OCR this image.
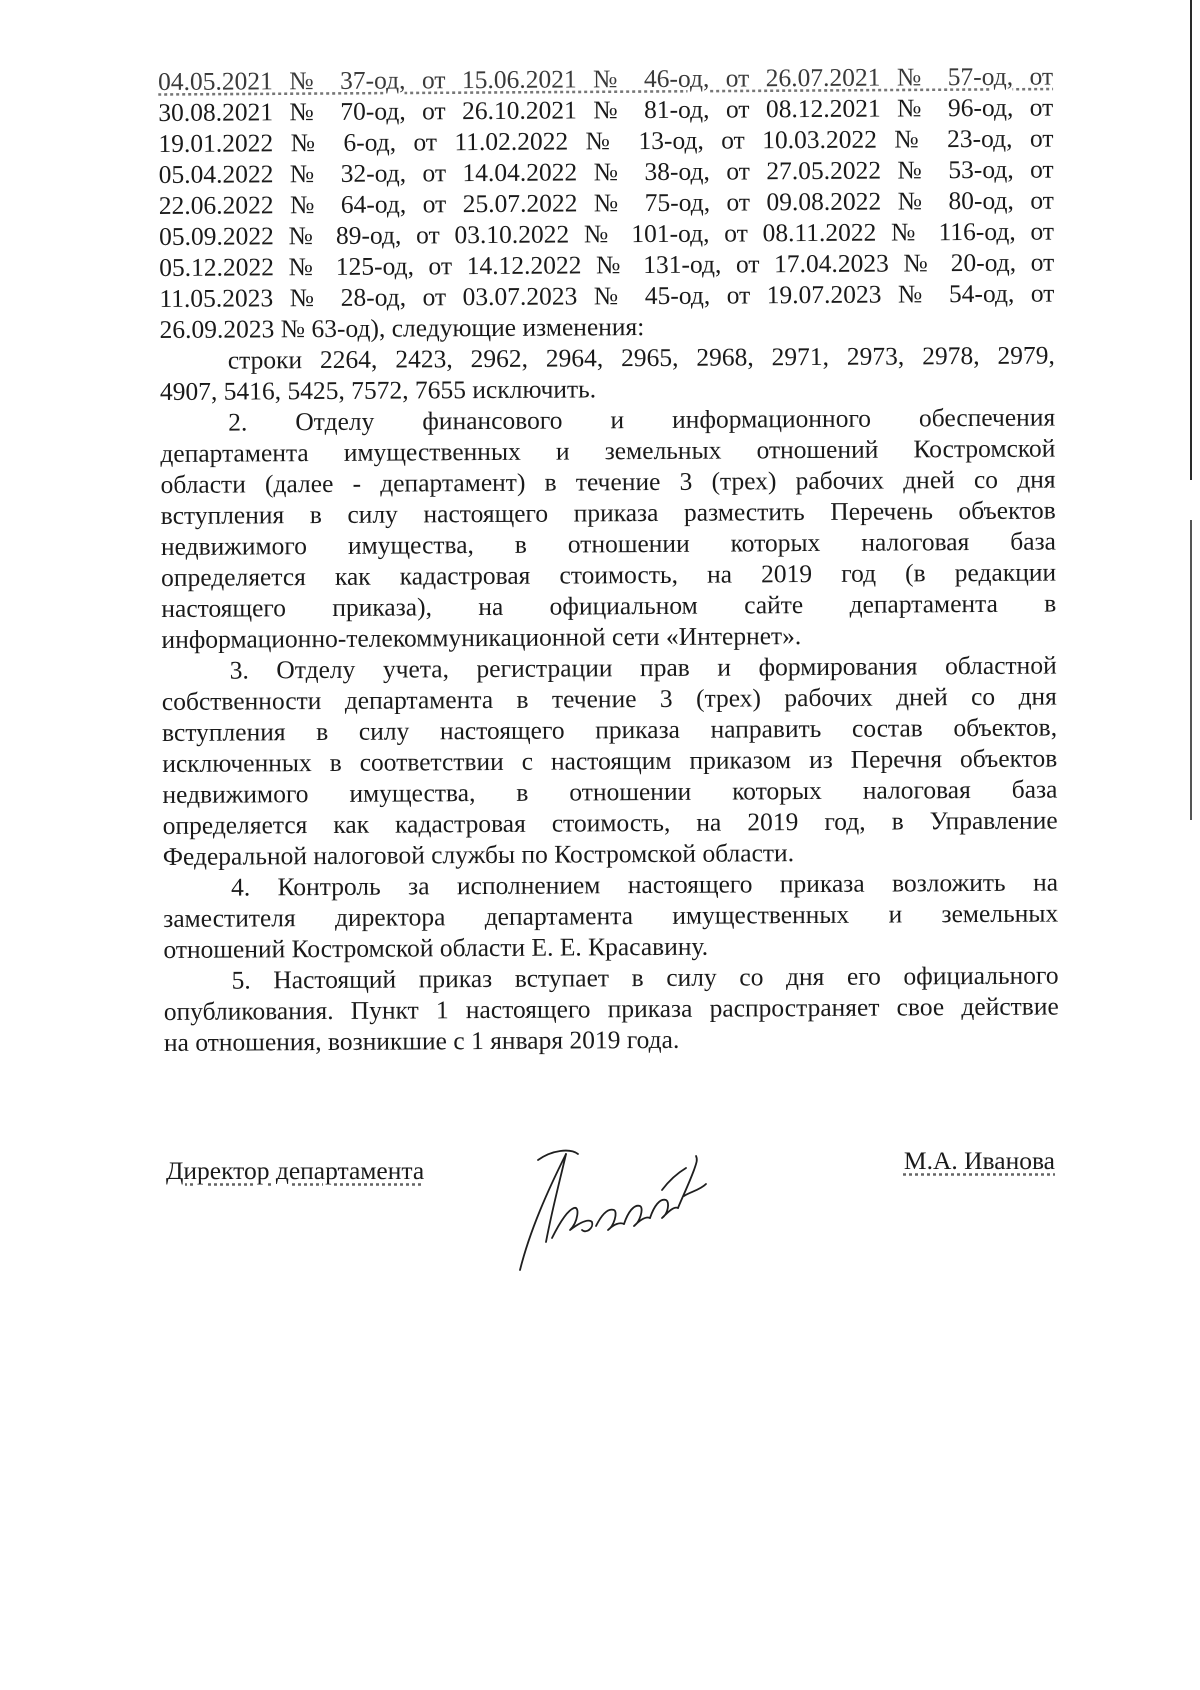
04.05.2021 № 37-од, от 15.06.2021 № 46-од, от 26.07.2021 № 57-од, от
30.08.2021 № 70-од, от 26.10.2021 № 81-од, от 08.12.2021 № 96-од, от
19.01.2022 № 6-од, от 11.02.2022 № 13-од, от 10.03.2022 № 23-од, от
05.04.2022 № 32-од, от 14.04.2022 № 38-од, от 27.05.2022 № 53-од, от
22.06.2022 № 64-од, от 25.07.2022 № 75-од, от 09.08.2022 № 80-од, от
05.09.2022 № 89-од, от 03.10.2022 № 101-од, от 08.11.2022 № 116-од, от
05.12.2022 № 125-од, от 14.12.2022 № 131-од, от 17.04.2023 № 20-од, от
11.05.2023 № 28-од, от 03.07.2023 № 45-од, от 19.07.2023 № 54-од, от
26.09.2023 № 63-од), следующие изменения:
строки 2264, 2423, 2962, 2964, 2965, 2968, 2971, 2973, 2978, 2979,
4907, 5416, 5425, 7572, 7655 исключить.
2. Отделу финансового и информационного обеспечения
департамента имущественных и земельных отношений Костромской
области (далее - департамент) в течение 3 (трех) рабочих дней со дня
вступления в силу настоящего приказа разместить Перечень объектов
недвижимого имущества, в отношении которых налоговая база
определяется как кадастровая стоимость, на 2019 год (в редакции
настоящего приказа), на официальном сайте департамента в
информационно-телекоммуникационной сети «Интернет».
3. Отделу учета, регистрации прав и формирования областной
собственности департамента в течение 3 (трех) рабочих дней со дня
вступления в силу настоящего приказа направить состав объектов,
исключенных в соответствии с настоящим приказом из Перечня объектов
недвижимого имущества, в отношении которых налоговая база
определяется как кадастровая стоимость, на 2019 год, в Управление
Федеральной налоговой службы по Костромской области.
4. Контроль за исполнением настоящего приказа возложить на
заместителя директора департамента имущественных и земельных
отношений Костромской области Е. Е. Красавину.
5. Настоящий приказ вступает в силу со дня его официального
опубликования. Пункт 1 настоящего приказа распространяет свое действие
на отношения, возникшие с 1 января 2019 года.
Директор департамента	М.А. Иванова
